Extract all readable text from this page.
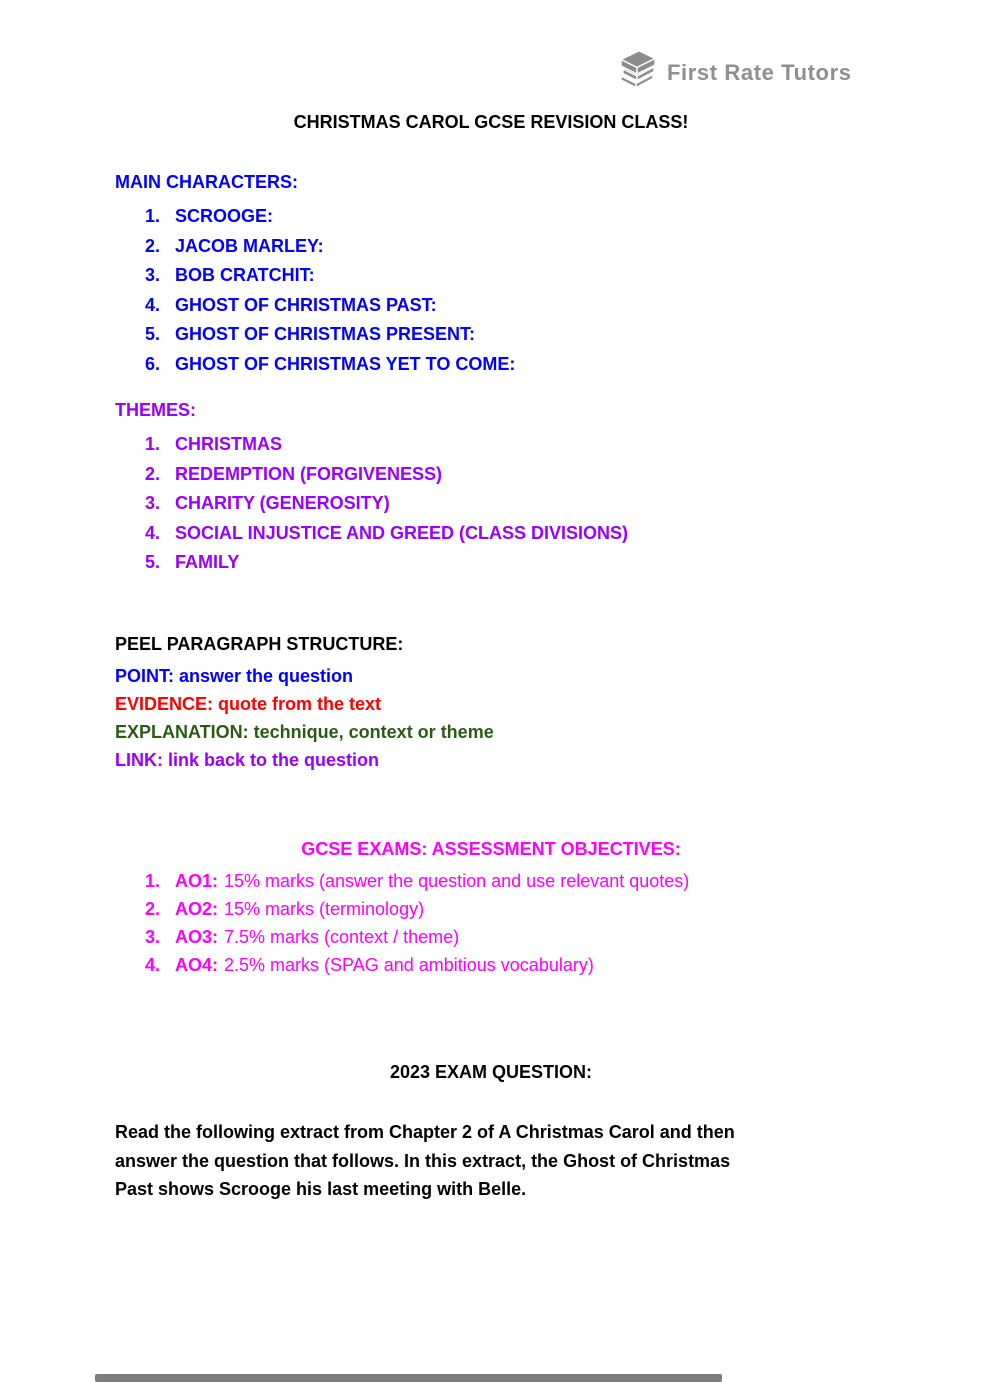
First Rate Tutors
CHRISTMAS CAROL GCSE REVISION CLASS!
MAIN CHARACTERS:
1. SCROOGE:
2. JACOB MARLEY:
3. BOB CRATCHIT:
4. GHOST OF CHRISTMAS PAST:
5. GHOST OF CHRISTMAS PRESENT:
6. GHOST OF CHRISTMAS YET TO COME:
THEMES:
1. CHRISTMAS
2. REDEMPTION (FORGIVENESS)
3. CHARITY (GENEROSITY)
4. SOCIAL INJUSTICE AND GREED (CLASS DIVISIONS)
5. FAMILY
PEEL PARAGRAPH STRUCTURE:
POINT: answer the question
EVIDENCE: quote from the text
EXPLANATION: technique, context or theme
LINK: link back to the question
GCSE EXAMS: ASSESSMENT OBJECTIVES:
1. AO1: 15% marks (answer the question and use relevant quotes)
2. AO2: 15% marks (terminology)
3. AO3: 7.5% marks (context / theme)
4. AO4: 2.5% marks (SPAG and ambitious vocabulary)
2023 EXAM QUESTION:
Read the following extract from Chapter 2 of A Christmas Carol and then
answer the question that follows. In this extract, the Ghost of Christmas
Past shows Scrooge his last meeting with Belle.
